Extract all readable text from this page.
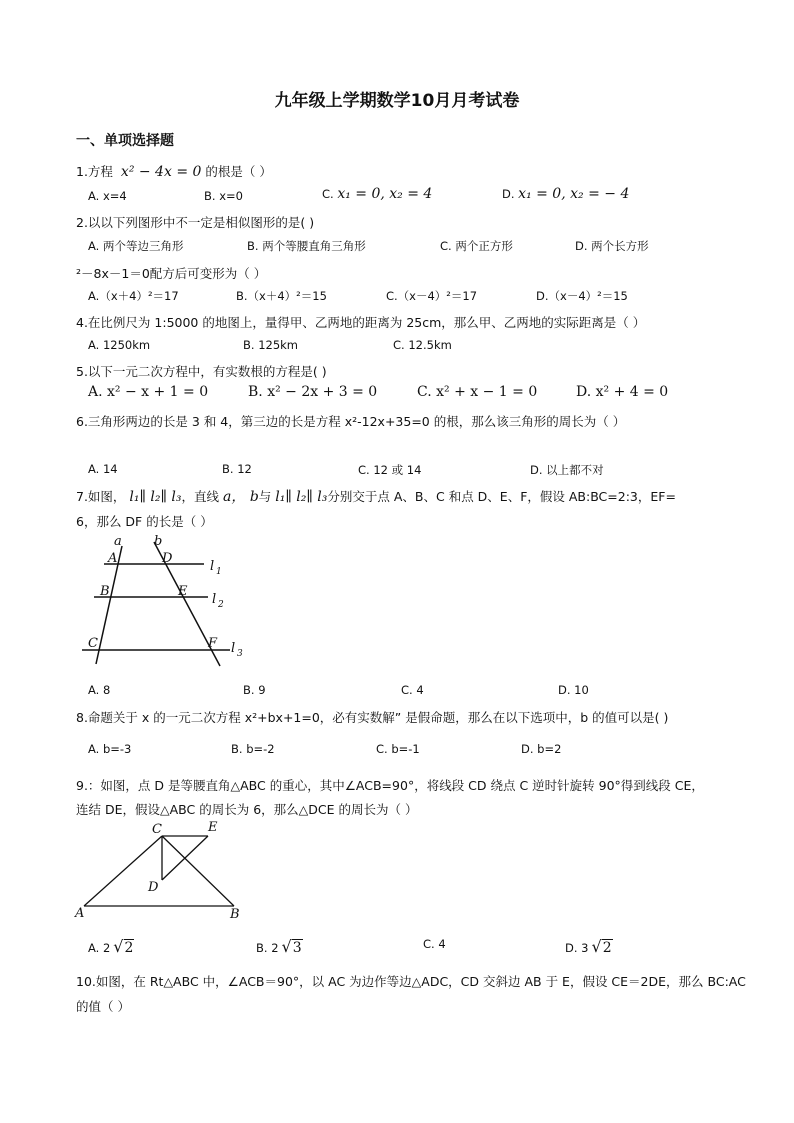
九年级上学期数学10月月考试卷
一、单项选择题
1.方程 x² − 4x = 0 的根是（ ）
A. x=4	B. x=0	C. x₁ = 0, x₂ = 4	D. x₁ = 0, x₂ = − 4
2.以以下列图形中不一定是相似图形的是( )
A. 两个等边三角形	B. 两个等腰直角三角形	C. 两个正方形	D. 两个长方形
²－8x－1＝0配方后可变形为（ ）
A.（x＋4）²＝17	B.（x＋4）²＝15	C.（x－4）²＝17	D.（x－4）²＝15
4.在比例尺为 1:5000 的地图上，量得甲、乙两地的距离为 25cm，那么甲、乙两地的实际距离是（ ）
A. 1250km	B. 125km	C. 12.5km
5.以下一元二次方程中，有实数根的方程是( )
A. x² − x + 1 = 0	B. x² − 2x + 3 = 0	C. x² + x − 1 = 0	D. x² + 4 = 0
6.三角形两边的长是 3 和 4，第三边的长是方程 x²-12x+35=0 的根，那么该三角形的周长为（ ）
A. 14	B. 12	C. 12 或 14	D. 以上都不对
7.如图， l₁∥ l₂∥ l₃，直线 a， b与 l₁∥ l₂∥ l₃分别交于点 A、B、C 和点 D、E、F，假设 AB:BC=2:3，EF=
6，那么 DF 的长是（ ）
a b
A	D
B	E
C	F
l 1
l 2
l 3
A. 8	B. 9	C. 4	D. 10
8.命题关于 x 的一元二次方程 x²+bx+1=0，必有实数解” 是假命题，那么在以下选项中，b 的值可以是( )
A. b=-3	B. b=-2	C. b=-1	D. b=2
9.：如图，点 D 是等腰直角△ABC 的重心，其中∠ACB=90°，将线段 CD 绕点 C 逆时针旋转 90°得到线段 CE，
连结 DE，假设△ABC 的周长为 6，那么△DCE 的周长为（ ）
C	E
D
A	B
A. 2 √2	B. 2 √3	C. 4	D. 3 √2
10.如图，在 Rt△ABC 中，∠ACB＝90°，以 AC 为边作等边△ADC，CD 交斜边 AB 于 E，假设 CE＝2DE，那么 BC:AC
的值（ ）
